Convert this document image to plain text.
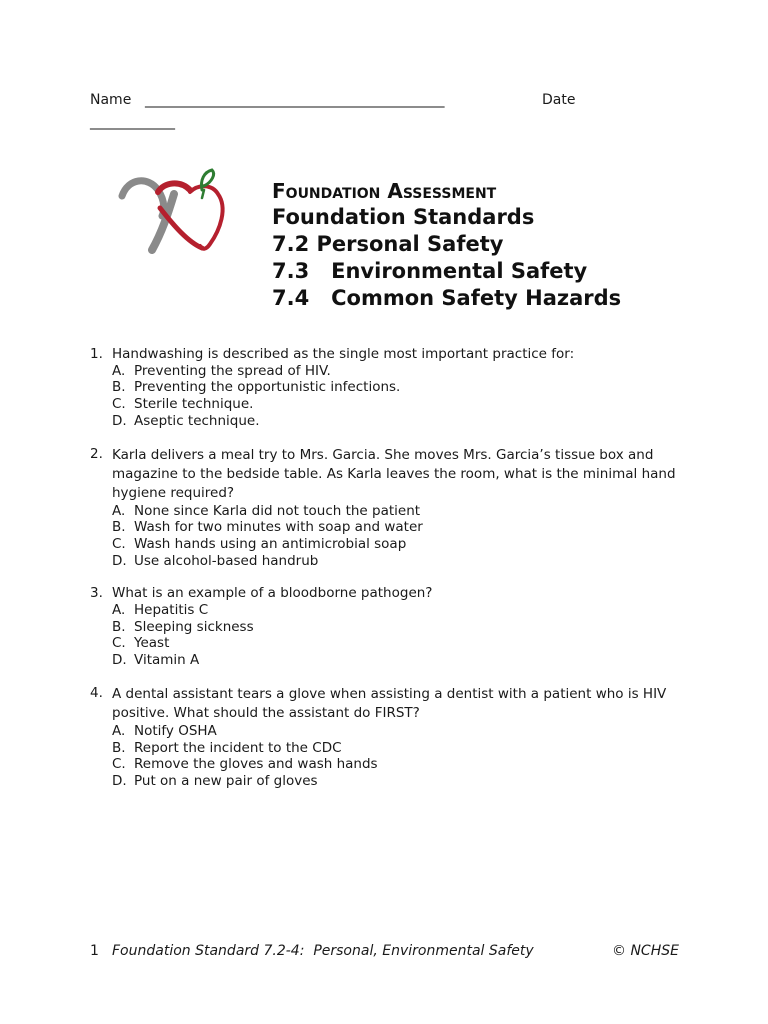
Name ______________________________________________	Date
_____________
Foundation Assessment
Foundation Standards
7.2 Personal Safety
7.3   Environmental Safety
7.4   Common Safety Hazards
1. Handwashing is described as the single most important practice for:
A. Preventing the spread of HIV.
B. Preventing the opportunistic infections.
C. Sterile technique.
D. Aseptic technique.
2. Karla delivers a meal try to Mrs. Garcia. She moves Mrs. Garcia’s tissue box and magazine to the bedside table. As Karla leaves the room, what is the minimal hand hygiene required?
A. None since Karla did not touch the patient
B. Wash for two minutes with soap and water
C. Wash hands using an antimicrobial soap
D. Use alcohol-based handrub
3. What is an example of a bloodborne pathogen?
A. Hepatitis C
B. Sleeping sickness
C. Yeast
D. Vitamin A
4. A dental assistant tears a glove when assisting a dentist with a patient who is HIV positive. What should the assistant do FIRST?
A. Notify OSHA
B. Report the incident to the CDC
C. Remove the gloves and wash hands
D. Put on a new pair of gloves
1 Foundation Standard 7.2-4:  Personal, Environmental Safety	© NCHSE
